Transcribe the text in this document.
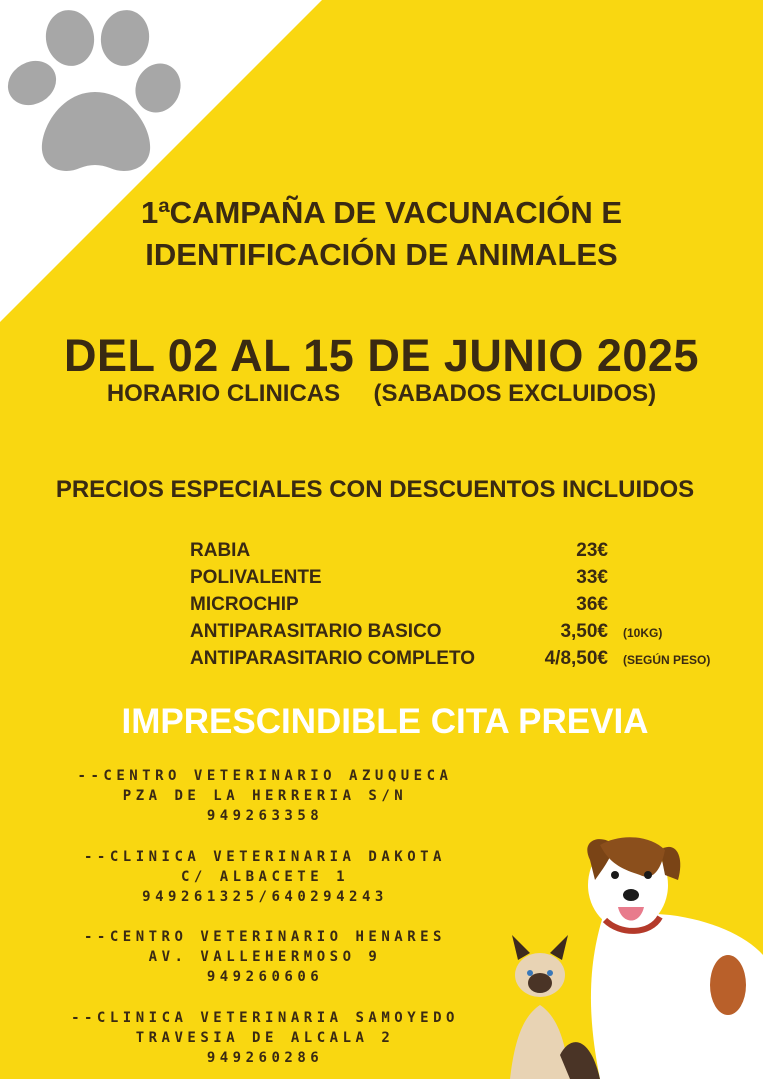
1ªCAMPAÑA DE VACUNACIÓN E
IDENTIFICACIÓN DE ANIMALES
DEL 02 AL 15 DE JUNIO 2025
HORARIO CLINICAS     (SABADOS EXCLUIDOS)
PRECIOS ESPECIALES CON DESCUENTOS INCLUIDOS
RABIA	23€
POLIVALENTE	33€
MICROCHIP	36€
ANTIPARASITARIO BASICO	3,50€ (10KG)
ANTIPARASITARIO COMPLETO	4/8,50€ (SEGÚN PESO)
IMPRESCINDIBLE CITA PREVIA
--CENTRO VETERINARIO AZUQUECA
PZA DE LA HERRERIA S/N
949263358
--CLINICA VETERINARIA DAKOTA
C/ ALBACETE 1
949261325/640294243
--CENTRO VETERINARIO HENARES
AV. VALLEHERMOSO 9
949260606
--CLINICA VETERINARIA SAMOYEDO
TRAVESIA DE ALCALA 2
949260286
